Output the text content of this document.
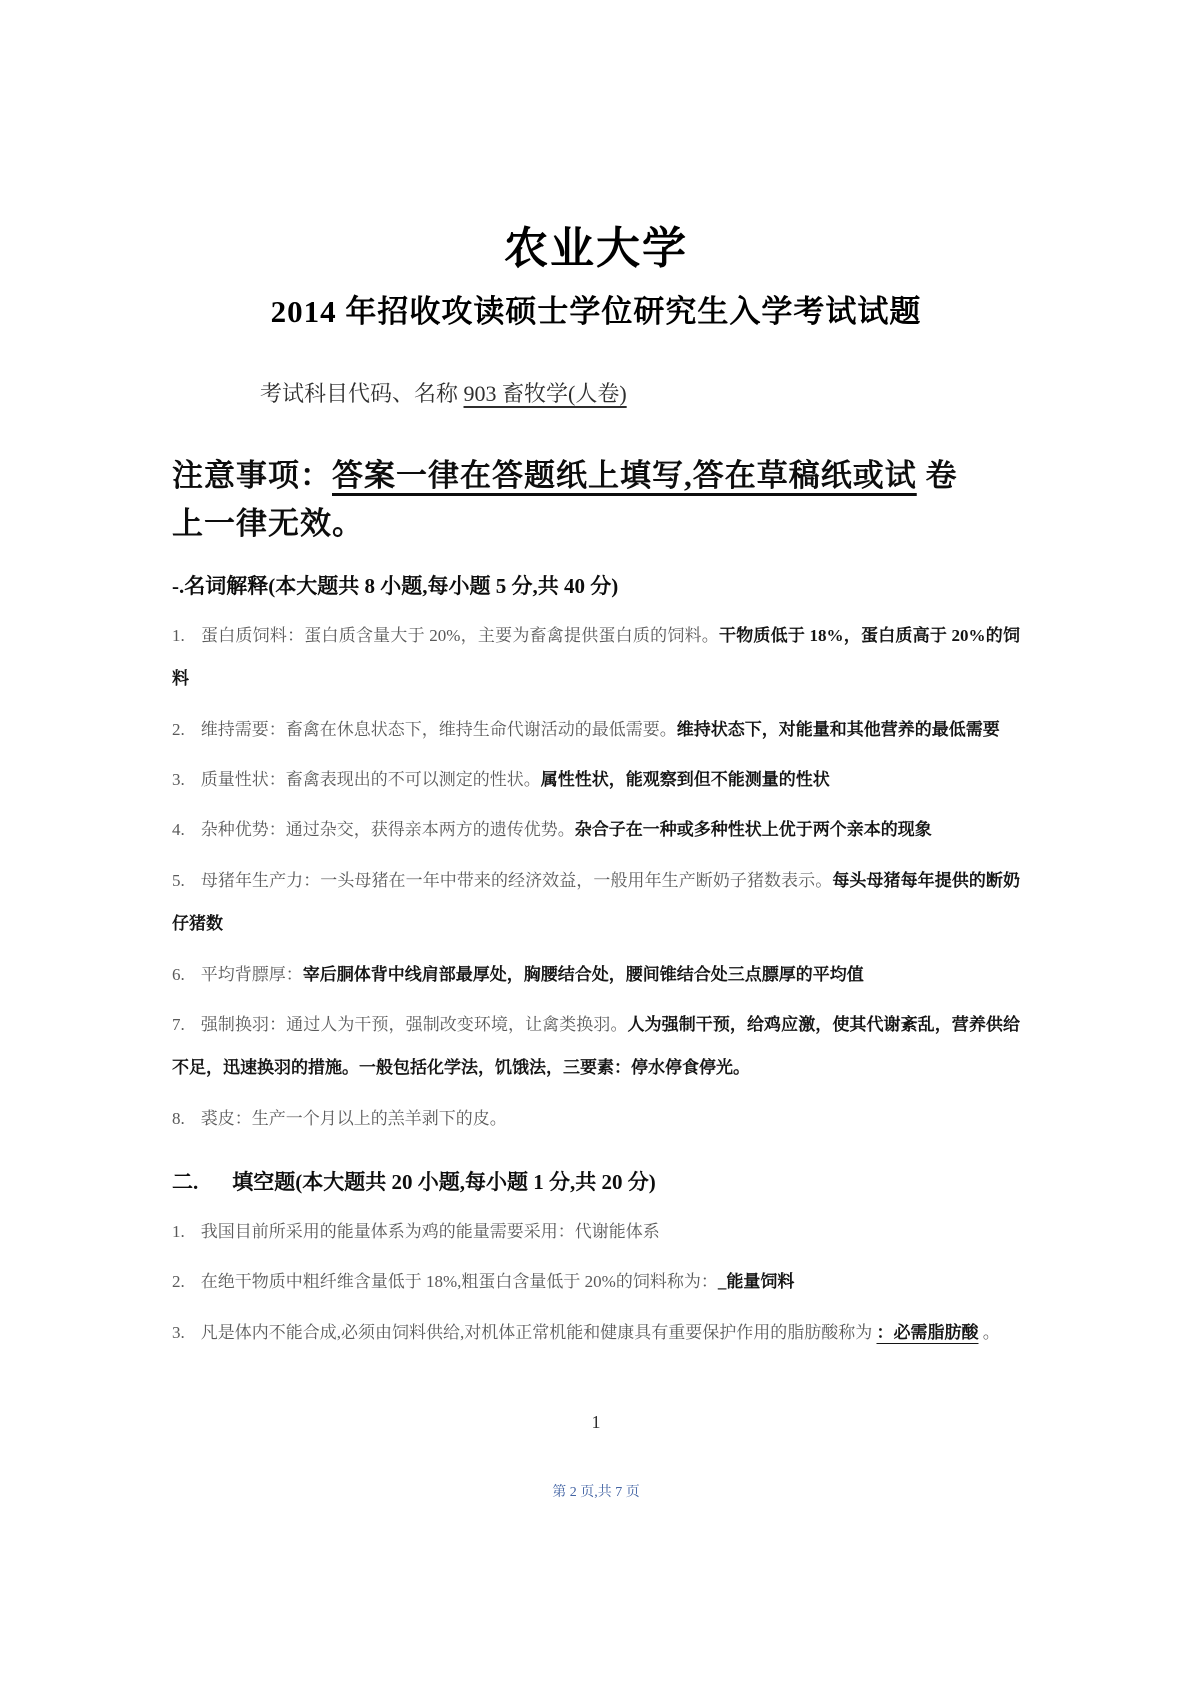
农业大学
2014 年招收攻读硕士学位研究生入学考试试题
考试科目代码、名称 903 畜牧学(人卷)
注意事项：答案一律在答题纸上填写,答在草稿纸或试 卷
上一律无效。
-.名词解释(本大题共 8 小题,每小题 5 分,共 40 分)

1. 蛋白质饲料：蛋白质含量大于 20%，主要为畜禽提供蛋白质的饲料。干物质低于 18%，蛋白质高于 20%的饲料

2. 维持需要：畜禽在休息状态下，维持生命代谢活动的最低需要。维持状态下，对能量和其他营养的最低需要

3. 质量性状：畜禽表现出的不可以测定的性状。属性性状，能观察到但不能测量的性状

4. 杂种优势：通过杂交，获得亲本两方的遗传优势。杂合子在一种或多种性状上优于两个亲本的现象

5. 母猪年生产力：一头母猪在一年中带来的经济效益，一般用年生产断奶子猪数表示。每头母猪每年提供的断奶仔猪数

6. 平均背膘厚：宰后胴体背中线肩部最厚处，胸腰结合处，腰间锥结合处三点膘厚的平均值

7. 强制换羽：通过人为干预，强制改变环境，让禽类换羽。人为强制干预，给鸡应激，使其代谢紊乱，营养供给不足，迅速换羽的措施。一般包括化学法，饥饿法，三要素：停水停食停光。

8. 裘皮：生产一个月以上的羔羊剥下的皮。

二. 填空题(本大题共 20 小题,每小题 1 分,共 20 分)

1. 我国目前所采用的能量体系为鸡的能量需要采用：代谢能体系

2. 在绝干物质中粗纤维含量低于 18%,粗蛋白含量低于 20%的饲料称为：_能量饲料

3. 凡是体内不能合成,必须由饲料供给,对机体正常机能和健康具有重要保护作用的脂肪酸称为 ：必需脂肪酸 。

1
第 2 页,共 7 页
